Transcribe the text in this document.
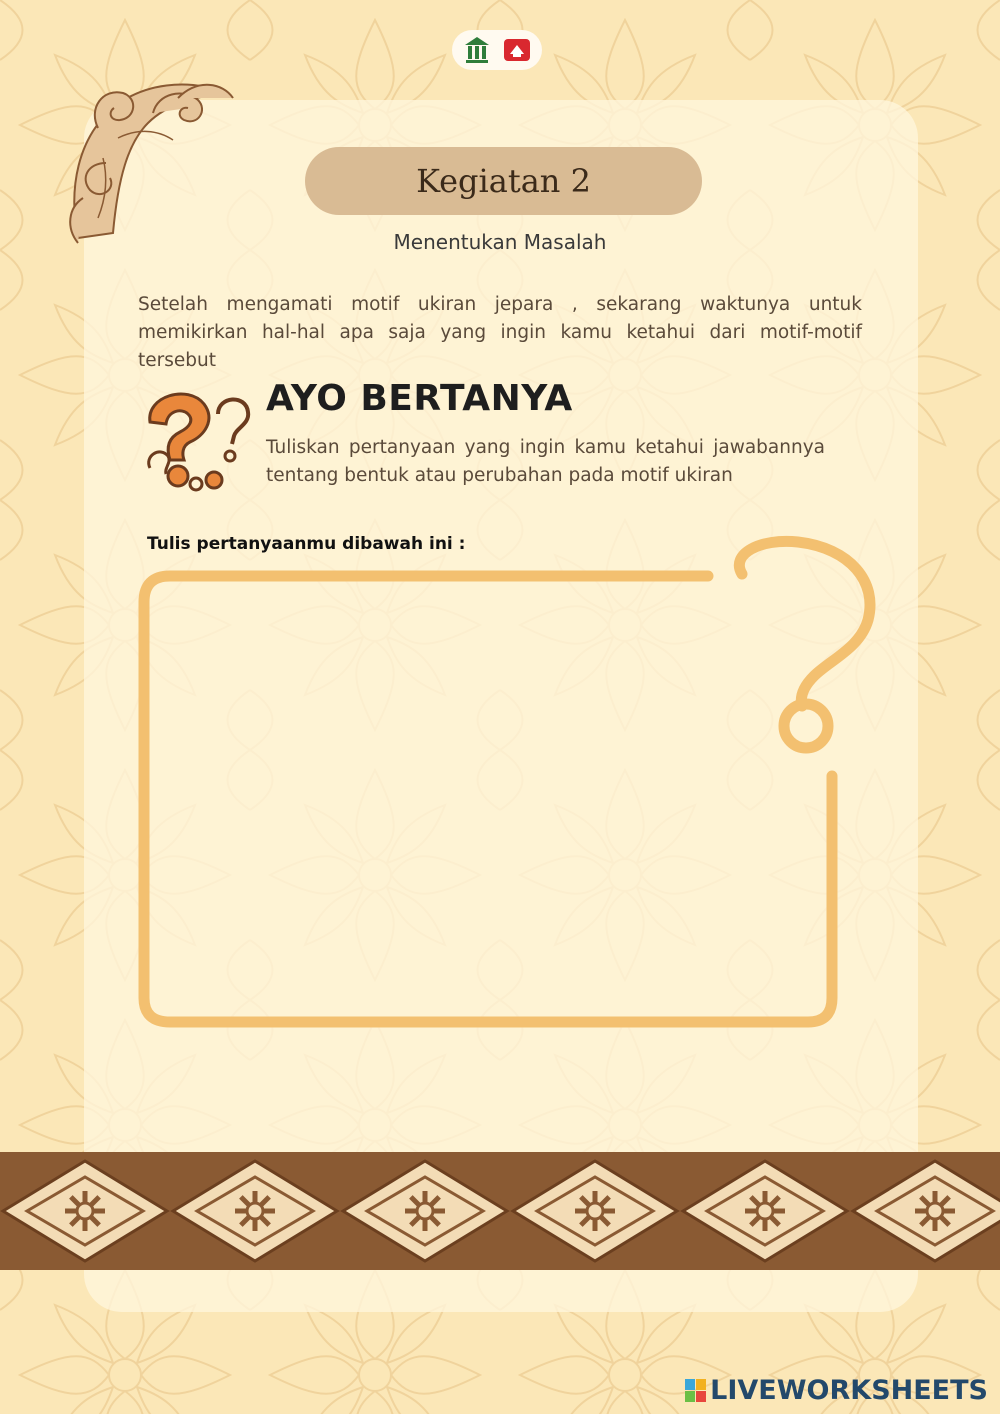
Kegiatan 2
Menentukan Masalah
Setelah mengamati motif ukiran jepara , sekarang waktunya untuk memikirkan hal-hal apa saja yang ingin kamu ketahui dari motif-motif tersebut
AYO BERTANYA
Tuliskan pertanyaan yang ingin kamu ketahui jawabannya tentang bentuk atau perubahan pada motif ukiran
Tulis pertanyaanmu dibawah ini :
LIVEWORKSHEETS
